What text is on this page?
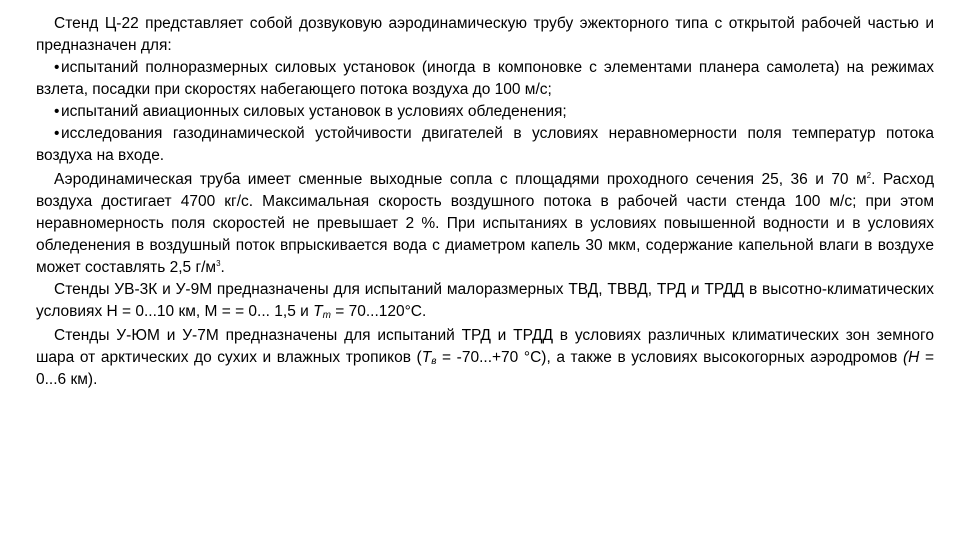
Стенд Ц-22 представляет собой дозвуковую аэродинамическую трубу эжекторного типа с открытой рабочей частью и предназначен для:

• испытаний полноразмерных силовых установок (иногда в компоновке с элементами планера самолета) на режимах взлета, посадки при скоростях набегающего потока воздуха до 100 м/с;

• испытаний авиационных силовых установок в условиях обледенения;

• исследования газодинамической устойчивости двигателей в условиях неравномерности поля температур потока воздуха на входе.

Аэродинамическая труба имеет сменные выходные сопла с площадями проходного сечения 25, 36 и 70 $м^2$. Расход воздуха достигает 4700 кг/с. Максимальная скорость воздушного потока в рабочей части стенда 100 м/с; при этом неравномерность поля скоростей не превышает 2 %. При испытаниях в условиях повышенной водности и в условиях обледенения в воздушный поток впрыскивается вода с диаметром капель 30 мкм, содержание капельной влаги в воздухе может составлять 2,5 $г/м^3$.

Стенды УВ-3К и У-9М предназначены для испытаний малоразмерных ТВД, ТВВД, ТРД и ТРДД в высотно-климатических условиях Н = 0...10 км, М = = 0... 1,5 и $T_т = 70...120^\circ С$.

Стенды У-ЮМ и У-7М предназначены для испытаний ТРД и ТРДД в условиях различных климатических зон земного шара от арктических до сухих и влажных тропиков ($Т_в = -70...+70$ °С), а также в условиях высокогорных аэродромов (Н = 0...6 км).
